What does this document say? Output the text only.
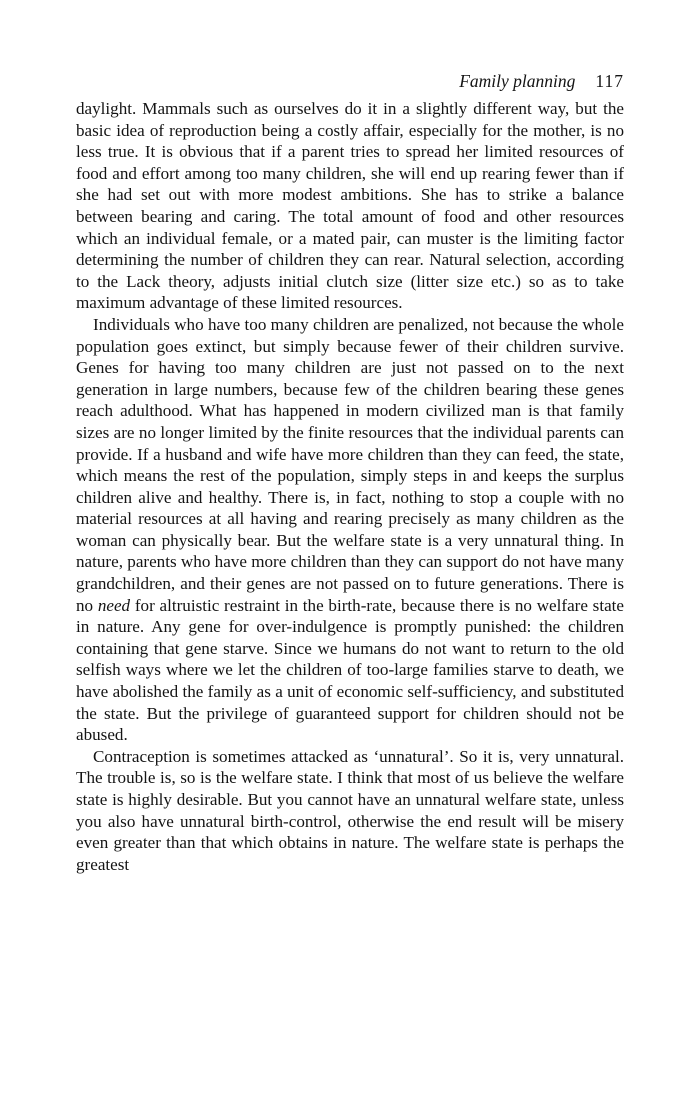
Family planning 117

daylight. Mammals such as ourselves do it in a slightly different way, but the basic idea of reproduction being a costly affair, especially for the mother, is no less true. It is obvious that if a parent tries to spread her limited resources of food and effort among too many children, she will end up rearing fewer than if she had set out with more modest ambitions. She has to strike a balance between bearing and caring. The total amount of food and other resources which an individual female, or a mated pair, can muster is the limiting factor determining the number of children they can rear. Natural selection, according to the Lack theory, adjusts initial clutch size (litter size etc.) so as to take maximum advantage of these limited resources.

Individuals who have too many children are penalized, not because the whole population goes extinct, but simply because fewer of their children survive. Genes for having too many children are just not passed on to the next generation in large numbers, because few of the children bearing these genes reach adulthood. What has happened in modern civilized man is that family sizes are no longer limited by the finite resources that the individual parents can provide. If a husband and wife have more children than they can feed, the state, which means the rest of the population, simply steps in and keeps the surplus children alive and healthy. There is, in fact, nothing to stop a couple with no material resources at all having and rearing precisely as many children as the woman can physically bear. But the welfare state is a very unnatural thing. In nature, parents who have more children than they can support do not have many grandchildren, and their genes are not passed on to future generations. There is no need for altruistic restraint in the birth-rate, because there is no welfare state in nature. Any gene for over-indulgence is promptly punished: the children containing that gene starve. Since we humans do not want to return to the old selfish ways where we let the children of too-large families starve to death, we have abolished the family as a unit of economic self-sufficiency, and substituted the state. But the privilege of guaranteed support for children should not be abused.

Contraception is sometimes attacked as ‘unnatural’. So it is, very unnatural. The trouble is, so is the welfare state. I think that most of us believe the welfare state is highly desirable. But you cannot have an unnatural welfare state, unless you also have unnatural birth-control, otherwise the end result will be misery even greater than that which obtains in nature. The welfare state is perhaps the greatest
